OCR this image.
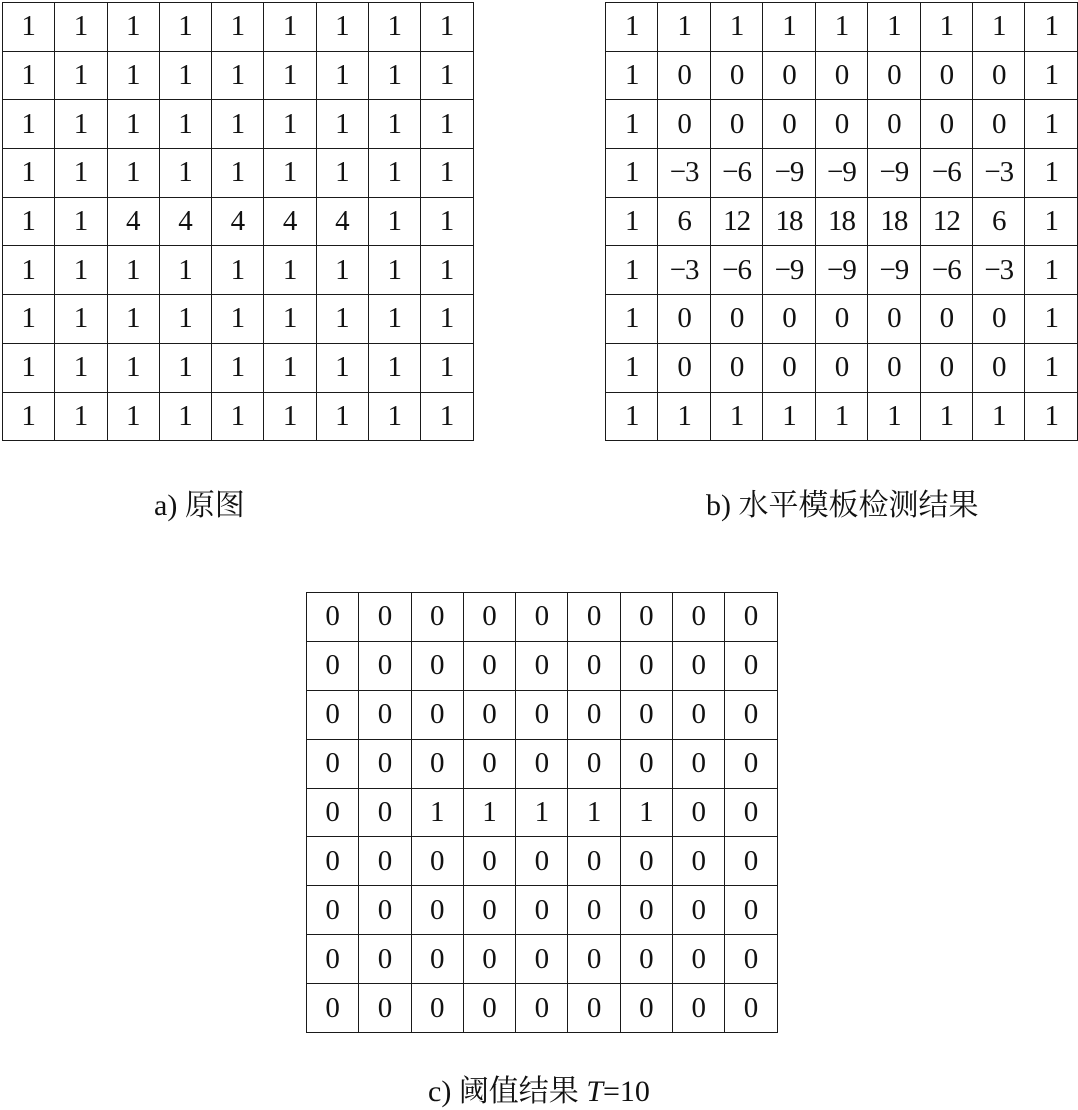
1	1	1	1	1	1	1	1	1
1	1	1	1	1	1	1	1	1
1	1	1	1	1	1	1	1	1
1	1	1	1	1	1	1	1	1
1	1	4	4	4	4	4	1	1
1	1	1	1	1	1	1	1	1
1	1	1	1	1	1	1	1	1
1	1	1	1	1	1	1	1	1
1	1	1	1	1	1	1	1	1
1	1	1	1	1	1	1	1	1
1	0	0	0	0	0	0	0	1
1	0	0	0	0	0	0	0	1
1	−3	−6	−9	−9	−9	−6	−3	1
1	6	12	18	18	18	12	6	1
1	−3	−6	−9	−9	−9	−6	−3	1
1	0	0	0	0	0	0	0	1
1	0	0	0	0	0	0	0	1
1	1	1	1	1	1	1	1	1
0	0	0	0	0	0	0	0	0
0	0	0	0	0	0	0	0	0
0	0	0	0	0	0	0	0	0
0	0	0	0	0	0	0	0	0
0	0	1	1	1	1	1	0	0
0	0	0	0	0	0	0	0	0
0	0	0	0	0	0	0	0	0
0	0	0	0	0	0	0	0	0
0	0	0	0	0	0	0	0	0
a) 原图	b) 水平模板检测结果
c) 阈值结果 T=10
